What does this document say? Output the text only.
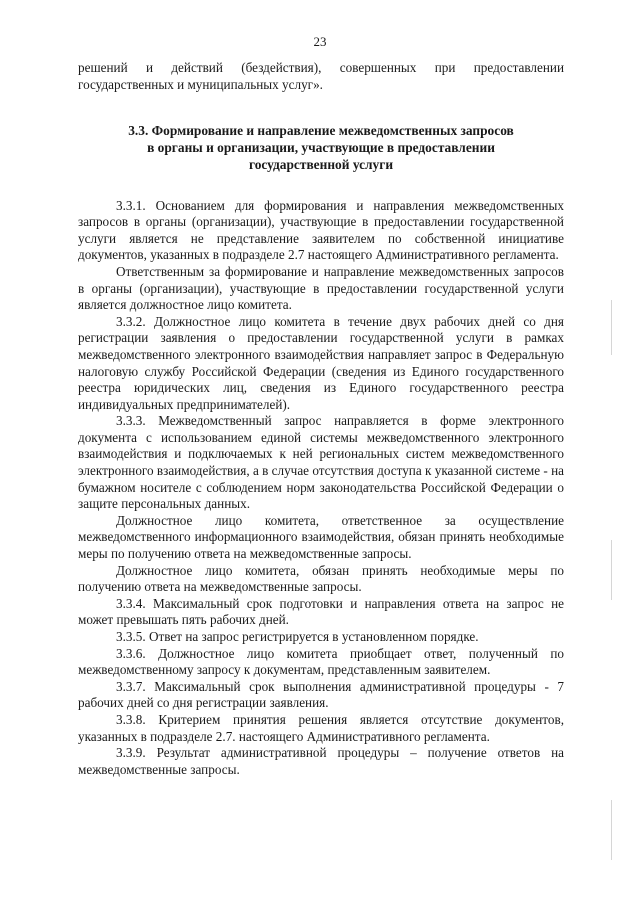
23

решений и действий (бездействия), совершенных при предоставлении государственных и муниципальных услуг».

3.3. Формирование и направление межведомственных запросов
в органы и организации, участвующие в предоставлении
государственной услуги

3.3.1. Основанием для формирования и направления межведомственных запросов в органы (организации), участвующие в предоставлении государственной услуги является не представление заявителем по собственной инициативе документов, указанных в подразделе 2.7 настоящего Административного регламента.

Ответственным за формирование и направление межведомственных запросов в органы (организации), участвующие в предоставлении государственной услуги является должностное лицо комитета.

3.3.2. Должностное лицо комитета в течение двух рабочих дней со дня регистрации заявления о предоставлении государственной услуги в рамках межведомственного электронного взаимодействия направляет запрос в Федеральную налоговую службу Российской Федерации (сведения из Единого государственного реестра юридических лиц, сведения из Единого государственного реестра индивидуальных предпринимателей).

3.3.3. Межведомственный запрос направляется в форме электронного документа с использованием единой системы межведомственного электронного взаимодействия и подключаемых к ней региональных систем межведомственного электронного взаимодействия, а в случае отсутствия доступа к указанной системе - на бумажном носителе с соблюдением норм законодательства Российской Федерации о защите персональных данных.

Должностное лицо комитета, ответственное за осуществление межведомственного информационного взаимодействия, обязан принять необходимые меры по получению ответа на межведомственные запросы.

Должностное лицо комитета, обязан принять необходимые меры по получению ответа на межведомственные запросы.

3.3.4. Максимальный срок подготовки и направления ответа на запрос не может превышать пять рабочих дней.

3.3.5. Ответ на запрос регистрируется в установленном порядке.

3.3.6. Должностное лицо комитета приобщает ответ, полученный по межведомственному запросу к документам, представленным заявителем.

3.3.7. Максимальный срок выполнения административной процедуры - 7 рабочих дней со дня регистрации заявления.

3.3.8. Критерием принятия решения является отсутствие документов, указанных в подразделе 2.7. настоящего Административного регламента.

3.3.9. Результат административной процедуры – получение ответов на межведомственные запросы.
